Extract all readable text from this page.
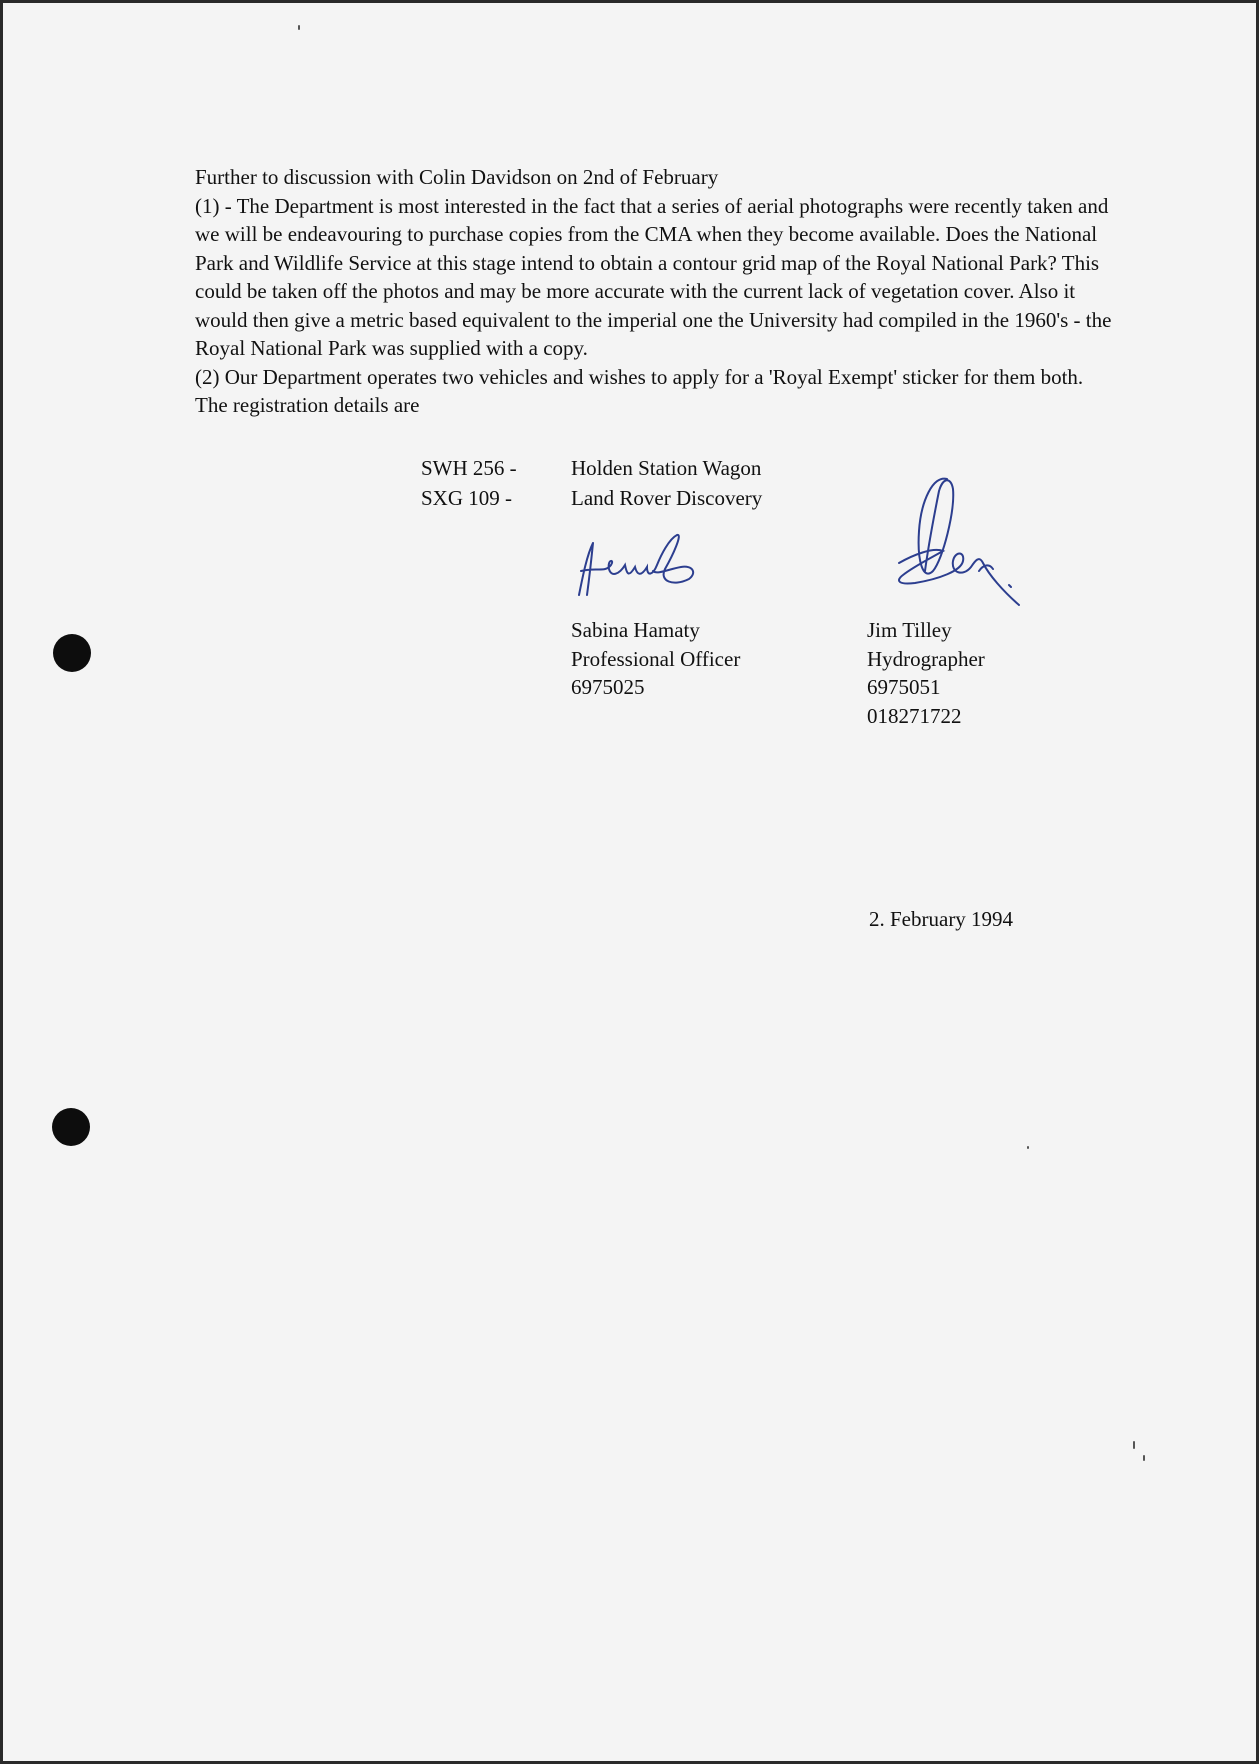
Further to discussion with Colin Davidson on 2nd of February

(1) - The Department is most interested in the fact that a series of aerial photographs were recently taken and we will be endeavouring to purchase copies from the CMA when they become available. Does the National Park and Wildlife Service at this stage intend to obtain a contour grid map of the Royal National Park? This could be taken off the photos and may be more accurate with the current lack of vegetation cover. Also it would then give a metric based equivalent to the imperial one the University had compiled in the 1960's - the Royal National Park was supplied with a copy.

(2) Our Department operates two vehicles and wishes to apply for a 'Royal Exempt' sticker for them both. The registration details are

SWH 256 -	Holden Station Wagon
SXG 109 -	Land Rover Discovery
Sabina Hamaty
Professional Officer
6975025
Jim Tilley
Hydrographer
6975051
018271722
2. February 1994
